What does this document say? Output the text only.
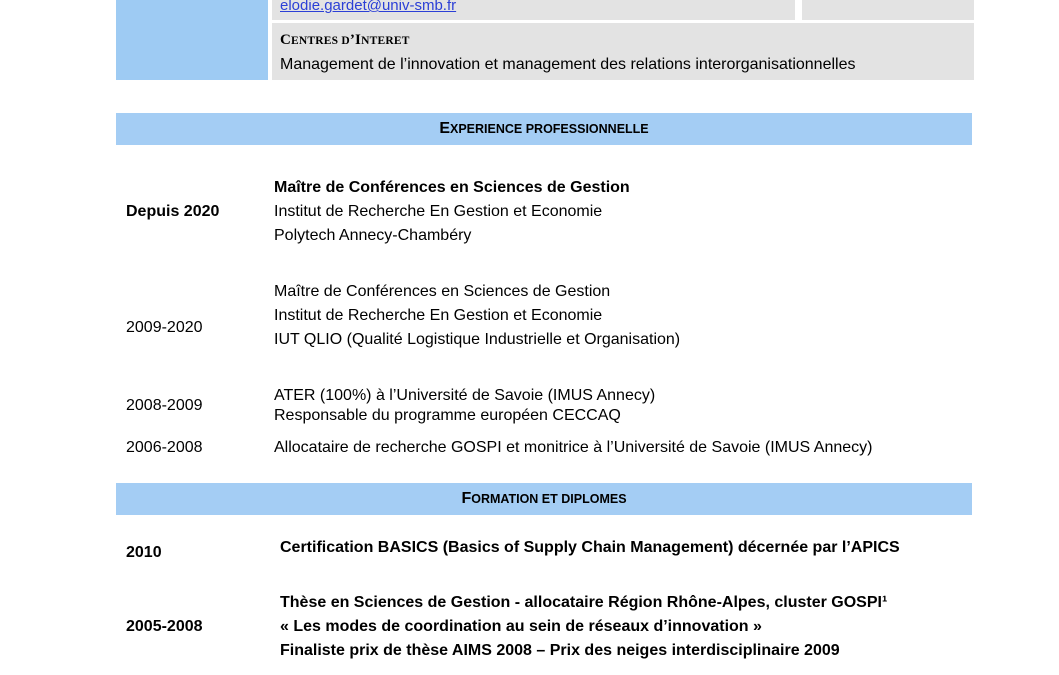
elodie.gardet@univ-smb.fr
CENTRES D’INTERET
Management de l’innovation et management des relations interorganisationnelles
E XPERIENCE PROFESSIONNELLE
Depuis 2020
Maître de Conférences en Sciences de Gestion
Institut de Recherche En Gestion et Economie
Polytech Annecy-Chambéry
2009-2020
Maître de Conférences en Sciences de Gestion
Institut de Recherche En Gestion et Economie
IUT QLIO (Qualité Logistique Industrielle et Organisation)
2008-2009
ATER (100%) à l’Université de Savoie (IMUS Annecy)
Responsable du programme européen CECCAQ
2006-2008	Allocataire de recherche GOSPI et monitrice à l’Université de Savoie (IMUS Annecy)
F ORMATION ET DIPLOMES
2010	Certification BASICS (Basics of Supply Chain Management) décernée par l’APICS
2005-2008
Thèse en Sciences de Gestion - allocataire Région Rhône-Alpes, cluster GOSPI¹
« Les modes de coordination au sein de réseaux d’innovation »
Finaliste prix de thèse AIMS 2008 – Prix des neiges interdisciplinaire 2009
